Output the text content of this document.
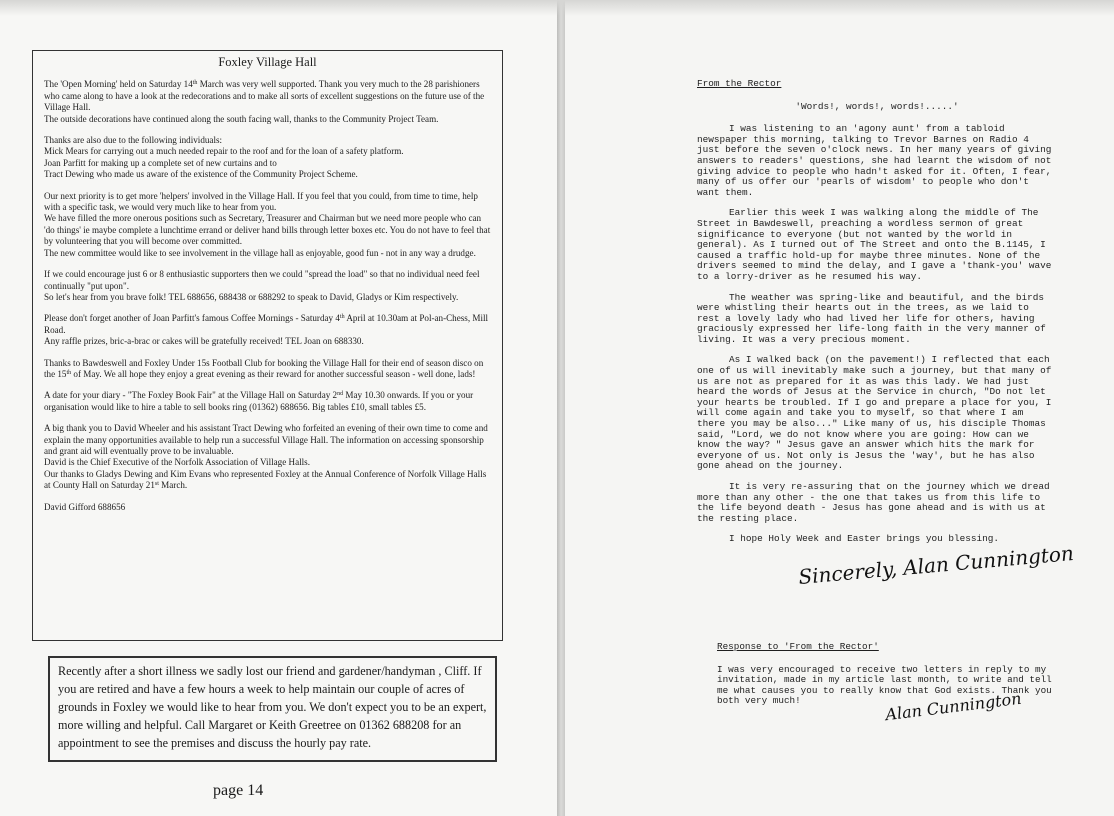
Foxley Village Hall

The 'Open Morning' held on Saturday 14th March was very well supported. Thank you very much to the 28 parishioners who came along to have a look at the redecorations and to make all sorts of excellent suggestions on the future use of the Village Hall.
The outside decorations have continued along the south facing wall, thanks to the Community Project Team.

Thanks are also due to the following individuals:
Mick Mears for carrying out a much needed repair to the roof and for the loan of a safety platform.
Joan Parfitt for making up a complete set of new curtains and to
Tract Dewing who made us aware of the existence of the Community Project Scheme.

Our next priority is to get more 'helpers' involved in the Village Hall. If you feel that you could, from time to time, help with a specific task, we would very much like to hear from you.
We have filled the more onerous positions such as Secretary, Treasurer and Chairman but we need more people who can 'do things' ie maybe complete a lunchtime errand or deliver hand bills through letter boxes etc. You do not have to feel that by volunteering that you will become over committed.
The new committee would like to see involvement in the village hall as enjoyable, good fun - not in any way a drudge.

If we could encourage just 6 or 8 enthusiastic supporters then we could "spread the load" so that no individual need feel continually "put upon".
So let's hear from you brave folk! TEL 688656, 688438 or 688292 to speak to David, Gladys or Kim respectively.

Please don't forget another of Joan Parfitt's famous Coffee Mornings - Saturday 4th April at 10.30am at Pol-an-Chess, Mill Road.
Any raffle prizes, bric-a-brac or cakes will be gratefully received! TEL Joan on 688330.

Thanks to Bawdeswell and Foxley Under 15s Football Club for booking the Village Hall for their end of season disco on the 15th of May. We all hope they enjoy a great evening as their reward for another successful season - well done, lads!

A date for your diary - "The Foxley Book Fair" at the Village Hall on Saturday 2nd May 10.30 onwards. If you or your organisation would like to hire a table to sell books ring (01362) 688656. Big tables £10, small tables £5.

A big thank you to David Wheeler and his assistant Tract Dewing who forfeited an evening of their own time to come and explain the many opportunities available to help run a successful Village Hall. The information on accessing sponsorship and grant aid will eventually prove to be invaluable.
David is the Chief Executive of the Norfolk Association of Village Halls.
Our thanks to Gladys Dewing and Kim Evans who represented Foxley at the Annual Conference of Norfolk Village Halls at County Hall on Saturday 21st March.

David Gifford 688656

Recently after a short illness we sadly lost our friend and gardener/handyman , Cliff. If you are retired and have a few hours a week to help maintain our couple of acres of grounds in Foxley we would like to hear from you. We don't expect you to be an expert, more willing and helpful. Call Margaret or Keith Greetree on 01362 688208 for an appointment to see the premises and discuss the hourly pay rate.
page 14
From the Rector
'Words!, words!, words!.....'

I was listening to an 'agony aunt' from a tabloid newspaper this morning, talking to Trevor Barnes on Radio 4 just before the seven o'clock news. In her many years of giving answers to readers' questions, she had learnt the wisdom of not giving advice to people who hadn't asked for it. Often, I fear, many of us offer our 'pearls of wisdom' to people who don't want them.

Earlier this week I was walking along the middle of The Street in Bawdeswell, preaching a wordless sermon of great significance to everyone (but not wanted by the world in general). As I turned out of The Street and onto the B.1145, I caused a traffic hold-up for maybe three minutes. None of the drivers seemed to mind the delay, and I gave a 'thank-you' wave to a lorry-driver as he resumed his way.

The weather was spring-like and beautiful, and the birds were whistling their hearts out in the trees, as we laid to rest a lovely lady who had lived her life for others, having graciously expressed her life-long faith in the very manner of living. It was a very precious moment.

As I walked back (on the pavement!) I reflected that each one of us will inevitably make such a journey, but that many of us are not as prepared for it as was this lady. We had just heard the words of Jesus at the Service in church, "Do not let your hearts be troubled. If I go and prepare a place for you, I will come again and take you to myself, so that where I am there you may be also..." Like many of us, his disciple Thomas said, "Lord, we do not know where you are going: How can we know the way? " Jesus gave an answer which hits the mark for everyone of us. Not only is Jesus the 'way', but he has also gone ahead on the journey.

It is very re-assuring that on the journey which we dread more than any other - the one that takes us from this life to the life beyond death - Jesus has gone ahead and is with us at the resting place.

I hope Holy Week and Easter brings you blessing.

Sincerely, Alan Cunnington
Response to 'From the Rector'

I was very encouraged to receive two letters in reply to my invitation, made in my article last month, to write and tell me what causes you to really know that God exists. Thank you both very much!	Alan Cunnington
